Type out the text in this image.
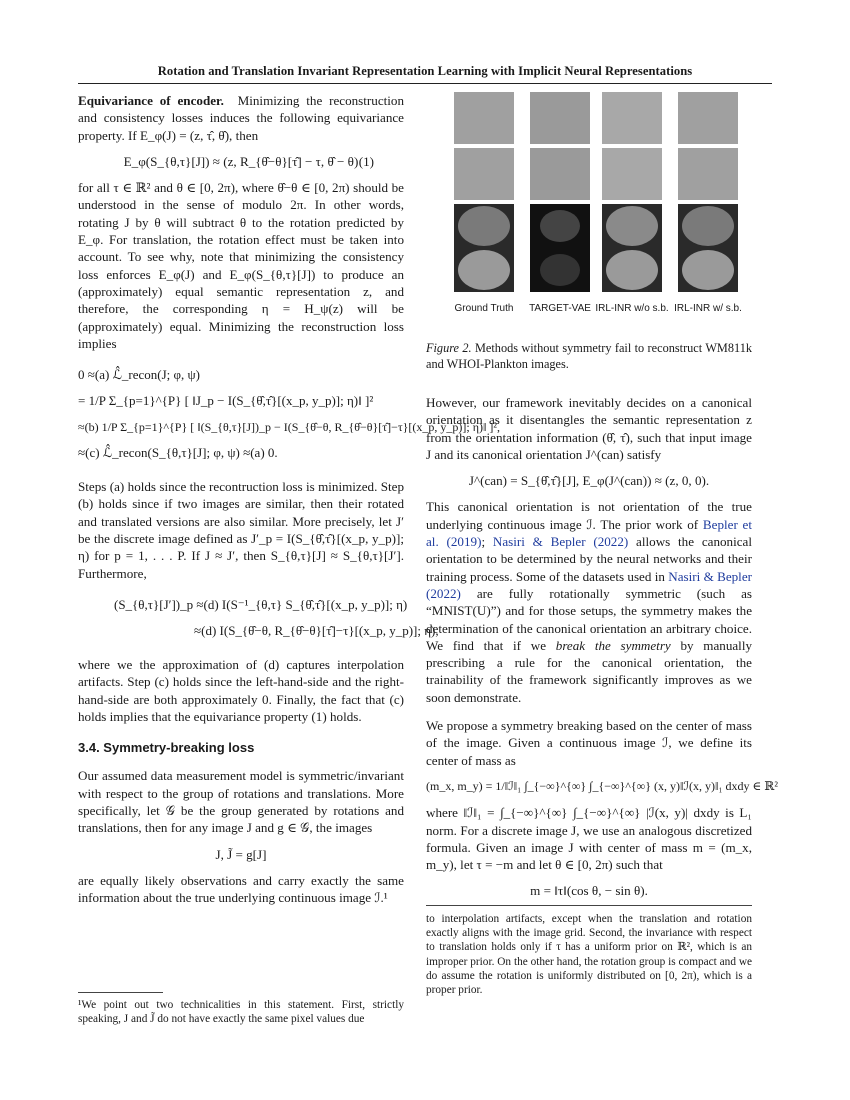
Rotation and Translation Invariant Representation Learning with Implicit Neural Representations

Equivariance of encoder. Minimizing the reconstruction and consistency losses induces the following equivariance property. If E_φ(J) = (z, τ̂, θ̂), then

E_φ(S_{θ,τ}[J]) ≈ (z, R_{θ̂−θ}[τ̂] − τ, θ̂ − θ) (1)

for all τ ∈ ℝ² and θ ∈ [0, 2π), where θ̂−θ ∈ [0, 2π) should be understood in the sense of modulo 2π. In other words, rotating J by θ will subtract θ to the rotation predicted by E_φ. For translation, the rotation effect must be taken into account. To see why, note that minimizing the consistency loss enforces E_φ(J) and E_φ(S_{θ,τ}[J]) to produce an (approximately) equal semantic representation z, and therefore, the corresponding η = H_ψ(z) will be (approximately) equal. Minimizing the reconstruction loss implies

0 ≈(a) ℒ̂_recon(J; φ, ψ)
= 1/P Σ_{p=1}^{P} [ ‖J_p − I(S_{θ̂,τ̂}[(x_p, y_p)]; η)‖ ]²
≈(b) 1/P Σ_{p=1}^{P} [ ‖(S_{θ,τ}[J])_p − I(S_{θ̂−θ, R_{θ̂−θ}[τ̂]−τ}[(x_p, y_p)]; η)‖ ]²,
≈(c) ℒ̂_recon(S_{θ,τ}[J]; φ, ψ) ≈(a) 0.

Steps (a) holds since the recontruction loss is minimized. Step (b) holds since if two images are similar, then their rotated and translated versions are also similar. More precisely, let J′ be the discrete image defined as J′_p = I(S_{θ̂,τ̂}[(x_p, y_p)]; η) for p = 1, . . . P. If J ≈ J′, then S_{θ,τ}[J] ≈ S_{θ,τ}[J′]. Furthermore,

(S_{θ,τ}[J′])_p ≈(d) I(S⁻¹_{θ,τ} S_{θ̂,τ̂}[(x_p, y_p)]; η)
≈(d) I(S_{θ̂−θ, R_{θ̂−θ}[τ̂]−τ}[(x_p, y_p)]; η),

where we the approximation of (d) captures interpolation artifacts. Step (c) holds since the left-hand-side and the right-hand-side are both approximately 0. Finally, the fact that (c) holds implies that the equivariance property (1) holds.

3.4. Symmetry-breaking loss

Our assumed data measurement model is symmetric/invariant with respect to the group of rotations and translations. More specifically, let 𝒢 be the group generated by rotations and translations, then for any image J and g ∈ 𝒢, the images

J, J̃ = g[J]

are equally likely observations and carry exactly the same information about the true underlying continuous image ℐ.¹

¹We point out two technicalities in this statement. First, strictly speaking, J and J̃ do not have exactly the same pixel values due
Ground Truth	TARGET-VAE IRL-INR w/o s.b. IRL-INR w/ s.b.

Figure 2. Methods without symmetry fail to reconstruct WM811k and WHOI-Plankton images.

However, our framework inevitably decides on a canonical orientation as it disentangles the semantic representation z from the orientation information (θ̂, τ̂), such that input image J and its canonical orientation J^(can) satisfy

J^(can) = S_{θ̂,τ̂}[J], E_φ(J^(can)) ≈ (z, 0, 0).

This canonical orientation is not orientation of the true underlying continuous image ℐ. The prior work of Bepler et al. (2019); Nasiri & Bepler (2022) allows the canonical orientation to be determined by the neural networks and their training process. Some of the datasets used in Nasiri & Bepler (2022) are fully rotationally symmetric (such as “MNIST(U)”) and for those setups, the symmetry makes the determination of the canonical orientation an arbitrary choice. We find that if we break the symmetry by manually prescribing a rule for the canonical orientation, the trainability of the framework significantly improves as we soon demonstrate.

We propose a symmetry breaking based on the center of mass of the image. Given a continuous image ℐ, we define its center of mass as

(m_x, m_y) = 1/‖ℐ‖₁ ∫_{−∞}^{∞} ∫_{−∞}^{∞} (x, y)‖ℐ(x, y)‖₁ dxdy ∈ ℝ²

where ‖ℐ‖₁ = ∫_{−∞}^{∞} ∫_{−∞}^{∞} |ℐ(x, y)| dxdy is L₁ norm. For a discrete image J, we use an analogous discretized formula. Given an image J with center of mass m = (m_x, m_y), let τ = −m and let θ ∈ [0, 2π) such that

m = ‖τ‖(cos θ, − sin θ).
to interpolation artifacts, except when the translation and rotation exactly aligns with the image grid. Second, the invariance with respect to translation holds only if τ has a uniform prior on ℝ², which is an improper prior. On the other hand, the rotation group is compact and we do assume the rotation is uniformly distributed on [0, 2π), which is a proper prior.
